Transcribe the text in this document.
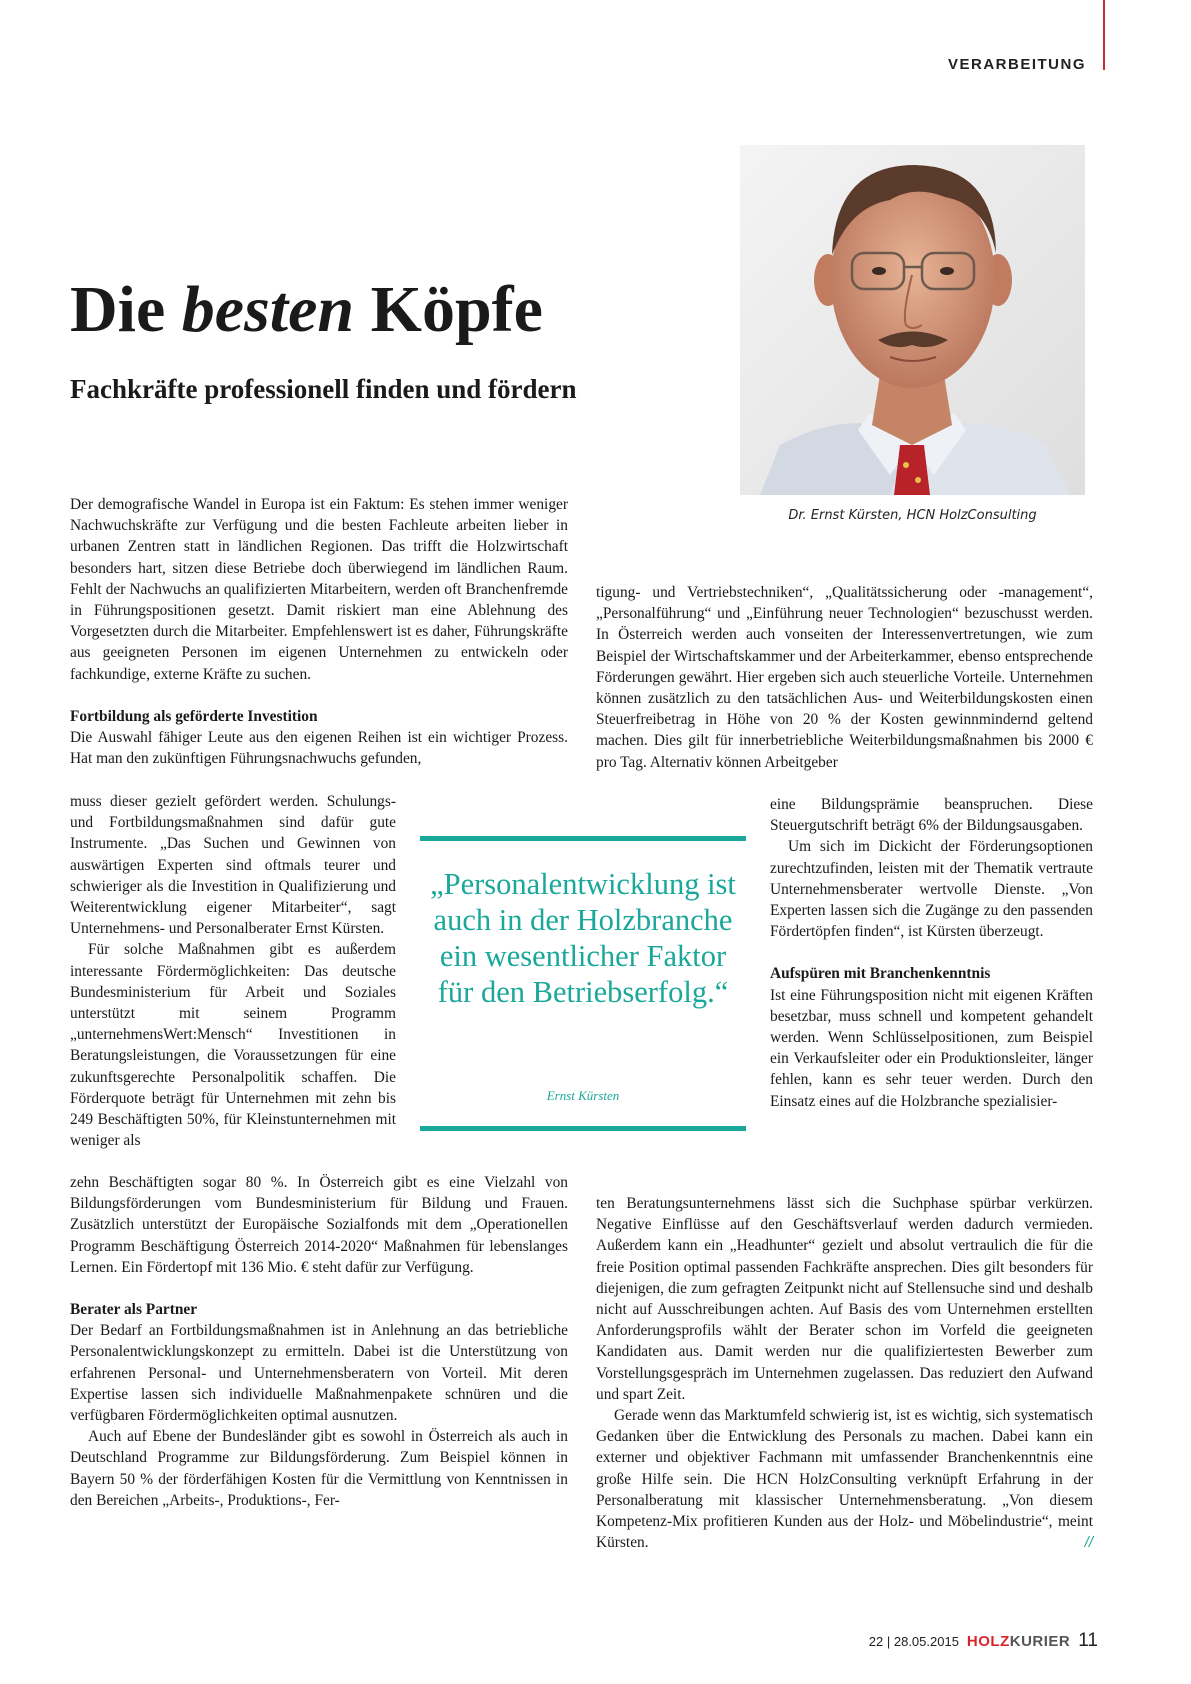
VERARBEITUNG
Die besten Köpfe
Fachkräfte professionell finden und fördern
Dr. Ernst Kürsten, HCN HolzConsulting

Der demografische Wandel in Europa ist ein Faktum: Es stehen immer weniger Nachwuchskräfte zur Verfügung und die besten Fachleute arbeiten lieber in urbanen Zentren statt in ländlichen Regionen. Das trifft die Holzwirtschaft besonders hart, sitzen diese Betriebe doch überwiegend im ländlichen Raum. Fehlt der Nachwuchs an qualifizierten Mitarbeitern, werden oft Branchenfremde in Führungspositionen gesetzt. Damit riskiert man eine Ablehnung des Vorgesetzten durch die Mitarbeiter. Empfehlenswert ist es daher, Führungskräfte aus geeigneten Personen im eigenen Unternehmen zu entwickeln oder fachkundige, externe Kräfte zu suchen.

Fortbildung als geförderte Investition

Die Auswahl fähiger Leute aus den eigenen Reihen ist ein wichtiger Prozess. Hat man den zukünftigen Führungsnachwuchs gefunden,

muss dieser gezielt gefördert werden. Schulungs- und Fortbildungsmaßnahmen sind dafür gute Instrumente. „Das Suchen und Gewinnen von auswärtigen Experten sind oftmals teurer und schwieriger als die Investition in Qualifizierung und Weiterentwicklung eigener Mitarbeiter“, sagt Unternehmens- und Personalberater Ernst Kürsten.

Für solche Maßnahmen gibt es außerdem interessante Fördermöglichkeiten: Das deutsche Bundesministerium für Arbeit und Soziales unterstützt mit seinem Programm „unternehmensWert:Mensch“ Investitionen in Beratungsleistungen, die Voraussetzungen für eine zukunftsgerechte Personalpolitik schaffen. Die Förderquote beträgt für Unternehmen mit zehn bis 249 Beschäftigten 50%, für Kleinstunternehmen mit weniger als

zehn Beschäftigten sogar 80 %. In Österreich gibt es eine Vielzahl von Bildungsförderungen vom Bundesministerium für Bildung und Frauen. Zusätzlich unterstützt der Europäische Sozialfonds mit dem „Operationellen Programm Beschäftigung Österreich 2014-2020“ Maßnahmen für lebenslanges Lernen. Ein Fördertopf mit 136 Mio. € steht dafür zur Verfügung.

Berater als Partner

Der Bedarf an Fortbildungsmaßnahmen ist in Anlehnung an das betriebliche Personalentwicklungskonzept zu ermitteln. Dabei ist die Unterstützung von erfahrenen Personal- und Unternehmensberatern von Vorteil. Mit deren Expertise lassen sich individuelle Maßnahmenpakete schnüren und die verfügbaren Fördermöglichkeiten optimal ausnutzen.

Auch auf Ebene der Bundesländer gibt es sowohl in Österreich als auch in Deutschland Programme zur Bildungsförderung. Zum Beispiel können in Bayern 50 % der förderfähigen Kosten für die Vermittlung von Kenntnissen in den Bereichen „Arbeits-, Produktions-, Fer-

tigung- und Vertriebstechniken“, „Qualitätssicherung oder -management“, „Personalführung“ und „Einführung neuer Technologien“ bezuschusst werden. In Österreich werden auch vonseiten der Interessenvertretungen, wie zum Beispiel der Wirtschaftskammer und der Arbeiterkammer, ebenso entsprechende Förderungen gewährt. Hier ergeben sich auch steuerliche Vorteile. Unternehmen können zusätzlich zu den tatsächlichen Aus- und Weiterbildungskosten einen Steuerfreibetrag in Höhe von 20 % der Kosten gewinnmindernd geltend machen. Dies gilt für innerbetriebliche Weiterbildungsmaßnahmen bis 2000 € pro Tag. Alternativ können Arbeitgeber

eine Bildungsprämie beanspruchen. Diese Steuergutschrift beträgt 6% der Bildungsausgaben.

Um sich im Dickicht der Förderungsoptionen zurechtzufinden, leisten mit der Thematik vertraute Unternehmensberater wertvolle Dienste. „Von Experten lassen sich die Zugänge zu den passenden Fördertöpfen finden“, ist Kürsten überzeugt.

Aufspüren mit Branchenkenntnis

Ist eine Führungsposition nicht mit eigenen Kräften besetzbar, muss schnell und kompetent gehandelt werden. Wenn Schlüsselpositionen, zum Beispiel ein Verkaufsleiter oder ein Produktionsleiter, länger fehlen, kann es sehr teuer werden. Durch den Einsatz eines auf die Holzbranche spezialisier-

ten Beratungsunternehmens lässt sich die Suchphase spürbar verkürzen. Negative Einflüsse auf den Geschäftsverlauf werden dadurch vermieden. Außerdem kann ein „Headhunter“ gezielt und absolut vertraulich die für die freie Position optimal passenden Fachkräfte ansprechen. Dies gilt besonders für diejenigen, die zum gefragten Zeitpunkt nicht auf Stellensuche sind und deshalb nicht auf Ausschreibungen achten. Auf Basis des vom Unternehmen erstellten Anforderungsprofils wählt der Berater schon im Vorfeld die geeigneten Kandidaten aus. Damit werden nur die qualifiziertesten Bewerber zum Vorstellungsgespräch im Unternehmen zugelassen. Das reduziert den Aufwand und spart Zeit.

Gerade wenn das Marktumfeld schwierig ist, ist es wichtig, sich systematisch Gedanken über die Entwicklung des Personals zu machen. Dabei kann ein externer und objektiver Fachmann mit umfassender Branchenkenntnis eine große Hilfe sein. Die HCN HolzConsulting verknüpft Erfahrung in der Personalberatung mit klassischer Unternehmensberatung. „Von diesem Kompetenz-Mix profitieren Kunden aus der Holz- und Möbelindustrie“, meint Kürsten.	//

„Personalentwicklung ist auch in der Holzbranche ein wesentlicher Faktor für den Betriebserfolg.“
Ernst Kürsten
22 | 28.05.2015 HOLZKURIER 11
